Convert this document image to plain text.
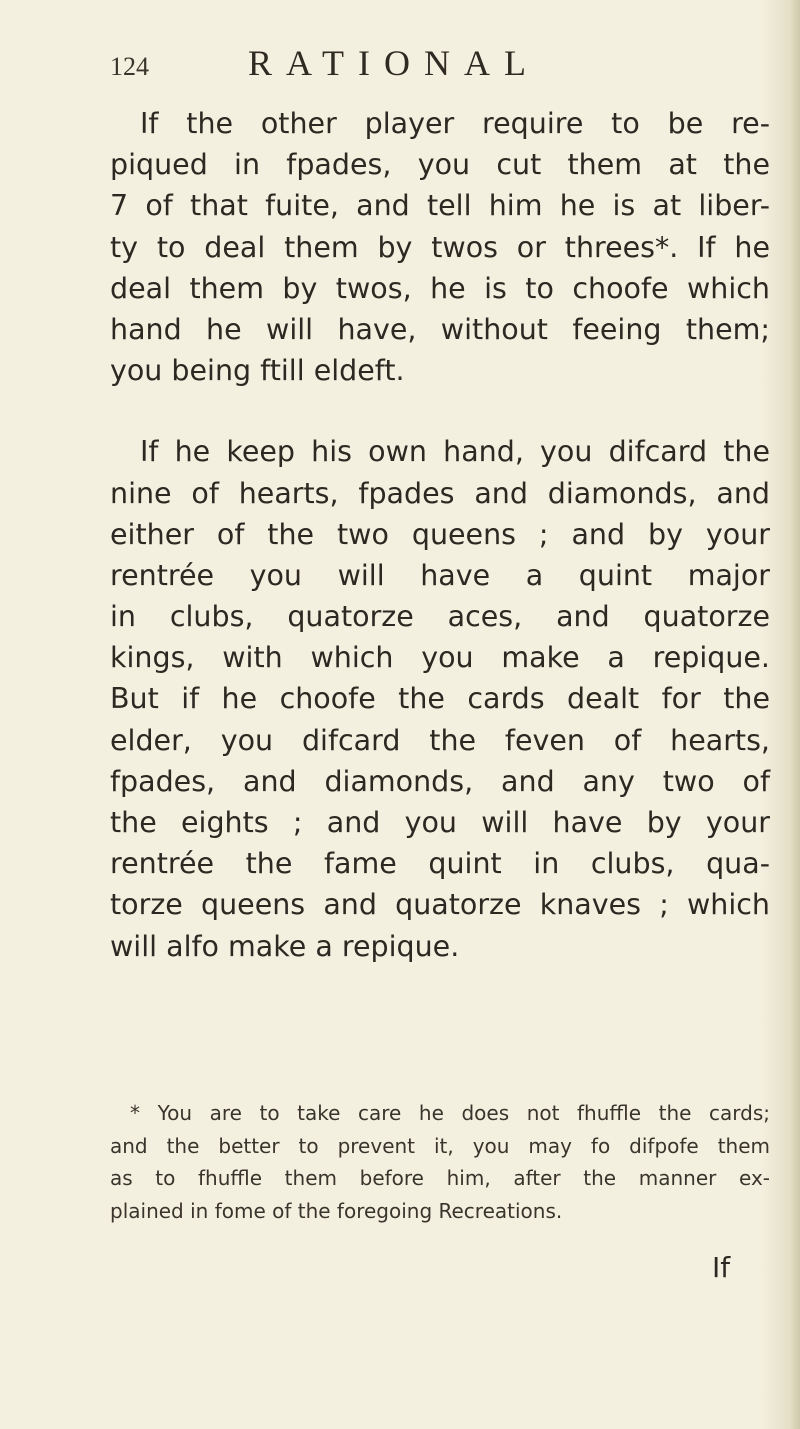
124	RATIONAL
If the other player require to be re-
piqued in fpades, you cut them at the
7 of that fuite, and tell him he is at liber-
ty to deal them by twos or threes*. If he
deal them by twos, he is to choofe which
hand he will have, without feeing them;
you being ftill eldeft.
If he keep his own hand, you difcard the
nine of hearts, fpades and diamonds, and
either of the two queens ; and by your
rentrée you will have a quint major
in clubs, quatorze aces, and quatorze
kings, with which you make a repique.
But if he choofe the cards dealt for the
elder, you difcard the feven of hearts,
fpades, and diamonds, and any two of
the eights ; and you will have by your
rentrée the fame quint in clubs, qua-
torze queens and quatorze knaves ; which
will alfo make a repique.
* You are to take care he does not fhuffle the cards;
and the better to prevent it, you may fo difpofe them
as to fhuffle them before him, after the manner ex-
plained in fome of the foregoing Recreations.
If
